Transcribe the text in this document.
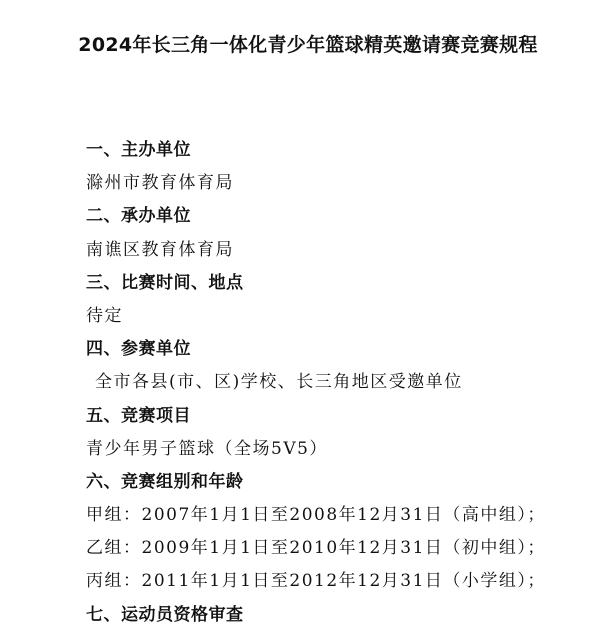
2024年长三角一体化青少年篮球精英邀请赛竞赛规程
一、主办单位
滁州市教育体育局
二、承办单位
南谯区教育体育局
三、比赛时间、地点
待定
四、参赛单位
全市各县(市、区)学校、长三角地区受邀单位
五、竞赛项目
青少年男子篮球（全场5V5）
六、竞赛组别和年龄
甲组：2007年1月1日至2008年12月31日（高中组）；
乙组：2009年1月1日至2010年12月31日（初中组）；
丙组：2011年1月1日至2012年12月31日（小学组）；
七、运动员资格审查
